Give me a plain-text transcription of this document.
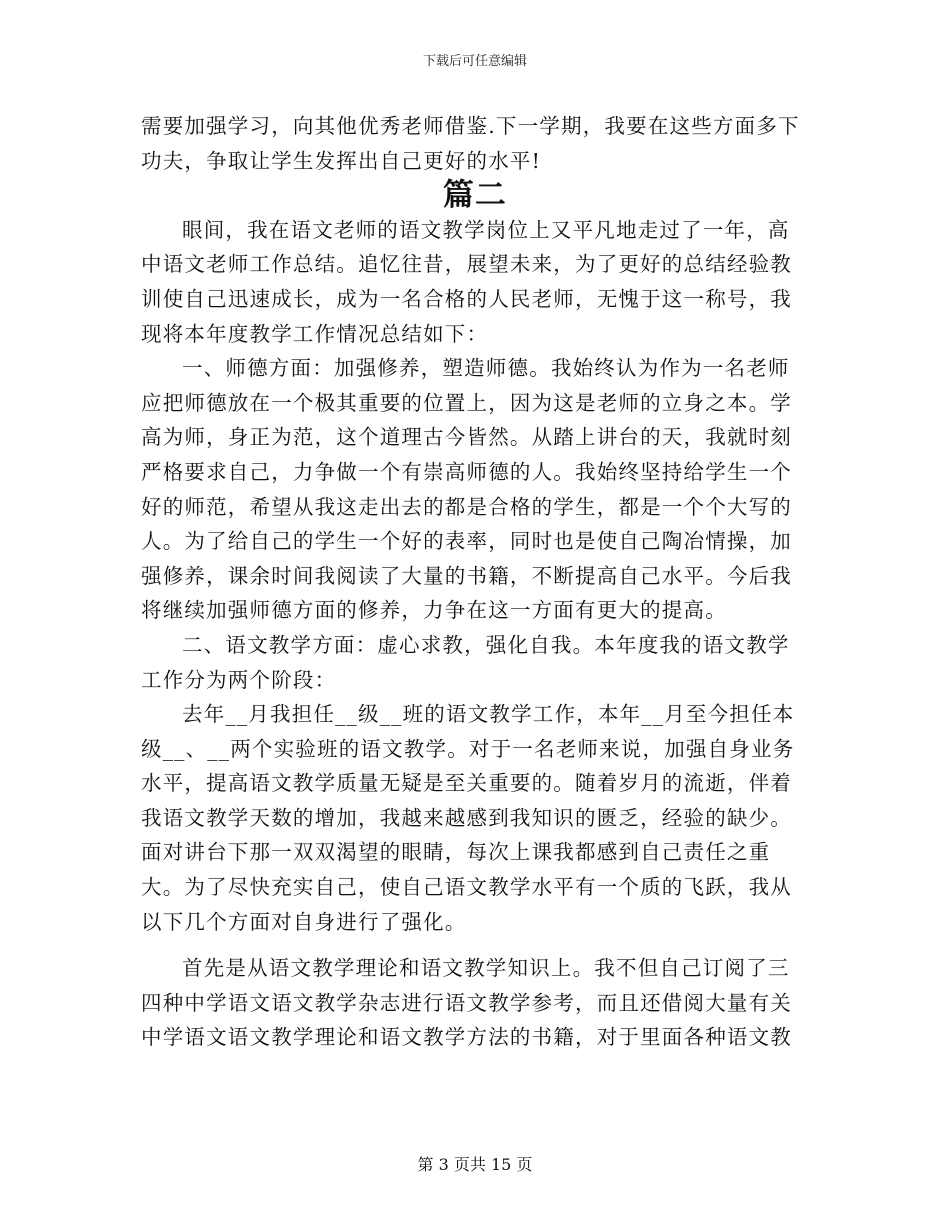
下载后可任意编辑

需要加强学习，向其他优秀老师借鉴.下一学期，我要在这些方面多下功夫，争取让学生发挥出自己更好的水平!

篇二

眼间，我在语文老师的语文教学岗位上又平凡地走过了一年，高中语文老师工作总结。追忆往昔，展望未来，为了更好的总结经验教训使自己迅速成长，成为一名合格的人民老师，无愧于这一称号，我现将本年度教学工作情况总结如下：

一、师德方面：加强修养，塑造师德。我始终认为作为一名老师应把师德放在一个极其重要的位置上，因为这是老师的立身之本。学高为师，身正为范，这个道理古今皆然。从踏上讲台的天，我就时刻严格要求自己，力争做一个有崇高师德的人。我始终坚持给学生一个好的师范，希望从我这走出去的都是合格的学生，都是一个个大写的人。为了给自己的学生一个好的表率，同时也是使自己陶冶情操，加强修养，课余时间我阅读了大量的书籍，不断提高自己水平。今后我将继续加强师德方面的修养，力争在这一方面有更大的提高。

二、语文教学方面：虚心求教，强化自我。本年度我的语文教学工作分为两个阶段：

去年__月我担任__级__班的语文教学工作，本年__月至今担任本级__、__两个实验班的语文教学。对于一名老师来说，加强自身业务水平，提高语文教学质量无疑是至关重要的。随着岁月的流逝，伴着我语文教学天数的增加，我越来越感到我知识的匮乏，经验的缺少。面对讲台下那一双双渴望的眼睛，每次上课我都感到自己责任之重大。为了尽快充实自己，使自己语文教学水平有一个质的飞跃，我从以下几个方面对自身进行了强化。

首先是从语文教学理论和语文教学知识上。我不但自己订阅了三四种中学语文语文教学杂志进行语文教学参考，而且还借阅大量有关中学语文语文教学理论和语文教学方法的书籍，对于里面各种语文教

第 3 页共 15 页
